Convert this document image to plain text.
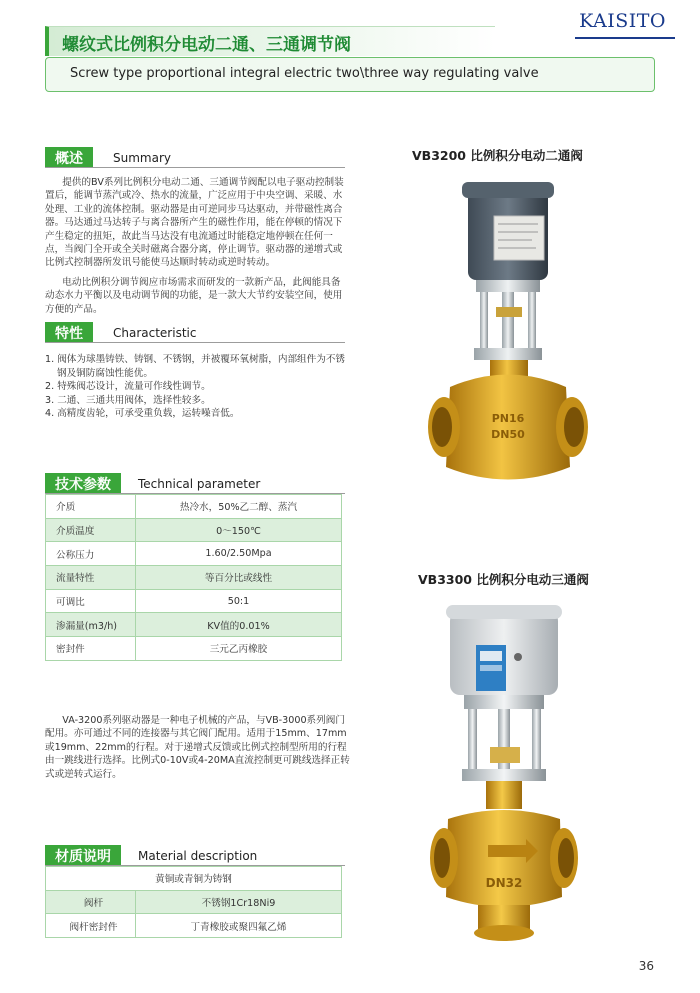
KAISITO
螺纹式比例积分电动二通、三通调节阀
Screw type proportional integral electric two\three way regulating valve
概述	Summary

提供的BV系列比例积分电动二通、三通调节阀配以电子驱动控制装置后，能调节蒸汽或冷、热水的流量，广泛应用于中央空调、采暖、水处理、工业的流体控制。驱动器是由可逆同步马达驱动，并带磁性离合器。马达通过马达转子与离合器所产生的磁性作用，能在停顿的情况下产生稳定的扭矩，故此当马达没有电流通过时能稳定地停顿在任何一点，当阀门全开或全关时磁离合器分离，停止调节。驱动器的递增式或比例式控制器所发讯号能使马达顺时转动或逆时转动。

电动比例积分调节阀应市场需求而研发的一款新产品，此阀能具备动态水力平衡以及电动调节阀的功能，是一款大大节约安装空间，使用方便的产品。

特性	Characteristic
1. 阀体为球墨铸铁、铸钢、不锈钢，并被覆环氧树脂，内部组件为不锈钢及铜防腐蚀性能优。
2. 特殊阀芯设计，流量可作线性调节。
3. 二通、三通共用阀体，选择性较多。
4. 高精度齿轮，可承受重负载，运转噪音低。
技术参数	Technical parameter
介质	热冷水，50%乙二醇、蒸汽
介质温度	0～150℃
公称压力	1.60/2.50Mpa
流量特性	等百分比或线性
可调比	50:1
渗漏量(m3/h)	KV值的0.01%
密封件	三元乙丙橡胶

VA-3200系列驱动器是一种电子机械的产品，与VB-3000系列阀门配用。亦可通过不同的连接器与其它阀门配用。适用于15mm、17mm或19mm、22mm的行程。对于递增式反馈或比例式控制型所用的行程由一跳线进行选择。比例式0-10V或4-20MA直流控制更可跳线选择正转式或逆转式运行。

材质说明	Material description
黄铜或青铜为铸钢	
阀杆	不锈钢1Cr18Ni9
阀杆密封件	丁青橡胶或聚四氟乙烯
VB3200 比例积分电动二通阀
PN16
DN50
VB3300 比例积分电动三通阀
DN32
36
